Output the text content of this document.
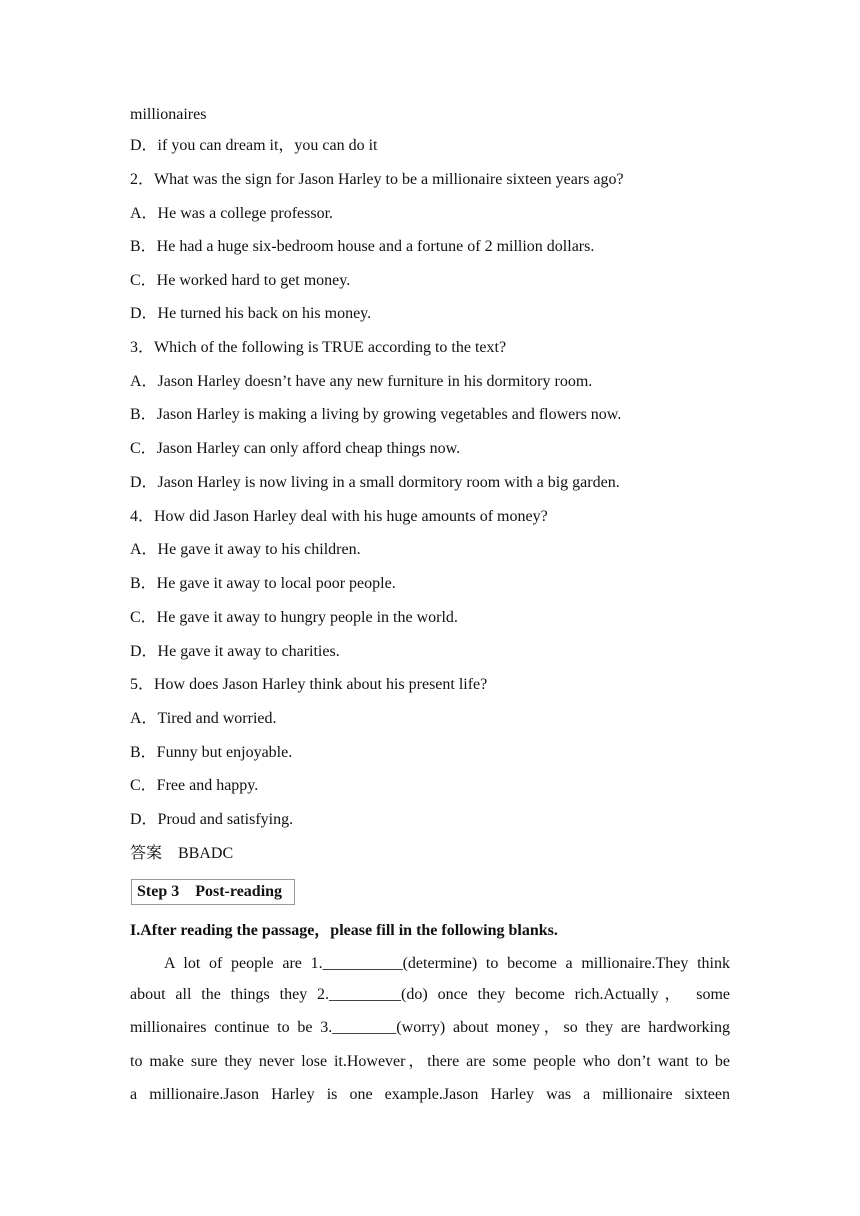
millionaires
D．if you can dream it，you can do it
2．What was the sign for Jason Harley to be a millionaire sixteen years ago?
A．He was a college professor.
B．He had a huge six-bedroom house and a fortune of 2 million dollars.
C．He worked hard to get money.
D．He turned his back on his money.
3．Which of the following is TRUE according to the text?
A．Jason Harley doesn’t have any new furniture in his dormitory room.
B．Jason Harley is making a living by growing vegetables and flowers now.
C．Jason Harley can only afford cheap things now.
D．Jason Harley is now living in a small dormitory room with a big garden.
4．How did Jason Harley deal with his huge amounts of money?
A．He gave it away to his children.
B．He gave it away to local poor people.
C．He gave it away to hungry people in the world.
D．He gave it away to charities.
5．How does Jason Harley think about his present life?
A．Tired and worried.
B．Funny but enjoyable.
C．Free and happy.
D．Proud and satisfying.
答案　BBADC
Step 3　Post-reading
I.After reading the passage，please fill in the following blanks.
A lot of people are 1.__________(determine) to become a millionaire.They think
about all the things they 2._________(do) once they become rich.Actually， some
millionaires continue to be 3.________(worry) about money，so they are hardworking
to make sure they never lose it.However，there are some people who don’t want to be
a millionaire.Jason Harley is one example.Jason Harley was a millionaire sixteen
